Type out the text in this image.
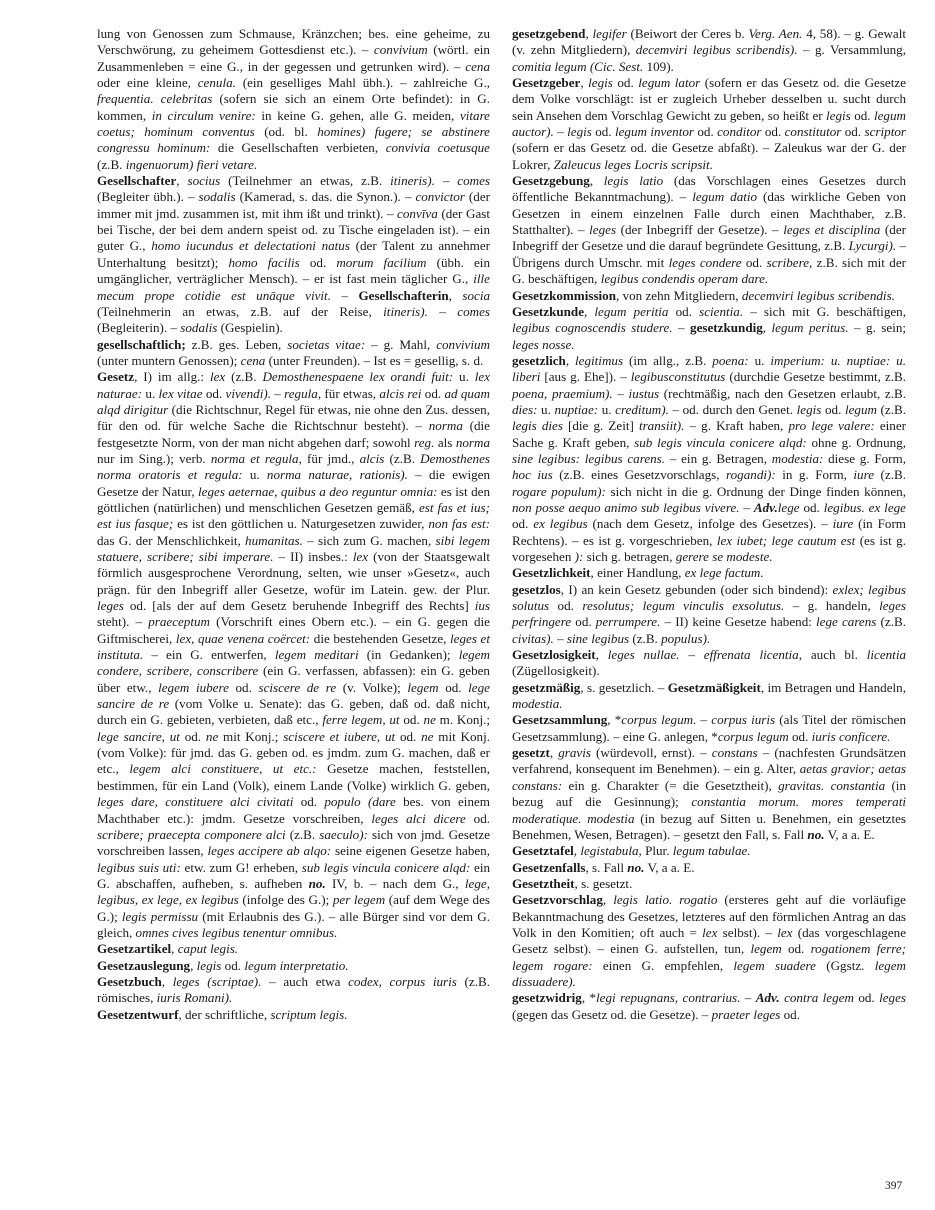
lung von Genossen zum Schmause, Kränzchen; bes. eine geheime, zu Verschwörung, zu geheimem Gottesdienst etc.). – convivium (wörtl. ein Zusammenleben = eine G., in der gegessen und getrunken wird). – cena oder eine kleine, cenula. (ein geselliges Mahl übh.). – zahlreiche G., frequentia. celebritas (sofern sie sich an einem Orte befindet): in G. kommen, in circulum venire: in keine G. gehen, alle G. meiden, vitare coetus; hominum conventus (od. bl. homines) fugere; se abstinere congressu hominum: die Gesellschaften verbieten, convivia coetusque (z.B. ingenuorum) fieri vetare.

Gesellschafter, socius (Teilnehmer an etwas, z.B. itineris). – comes (Begleiter übh.). – sodalis (Kamerad, s. das. die Synon.). – convictor (der immer mit jmd. zusammen ist, mit ihm ißt und trinkt). – convīva (der Gast bei Tische, der bei dem andern speist od. zu Tische eingeladen ist). – ein guter G., homo iucundus et delectationi natus (der Talent zu annehmer Unterhaltung besitzt); homo facilis od. morum facilium (übh. ein umgänglicher, verträglicher Mensch). – er ist fast mein täglicher G., ille mecum prope cotidie est unāque vivit. – Gesellschafterin, socia (Teilnehmerin an etwas, z.B. auf der Reise, itineris). – comes (Begleiterin). – sodalis (Gespielin).

gesellschaftlich; z.B. ges. Leben, societas vitae: – g. Mahl, convivium (unter muntern Genossen); cena (unter Freunden). – Ist es = gesellig, s. d.

Gesetz, I) im allg.: lex (z.B. Demosthenespaene lex orandi fuit: u. lex naturae: u. lex vitae od. vivendi). – regula, für etwas, alcis rei od. ad quam alqd dirigitur (die Richtschnur, Regel für etwas, nie ohne den Zus. dessen, für den od. für welche Sache die Richtschnur besteht). – norma (die festgesetzte Norm, von der man nicht abgehen darf; sowohl reg. als norma nur im Sing.); verb. norma et regula, für jmd., alcis (z.B. Demosthenes norma oratoris et regula: u. norma naturae, rationis). – die ewigen Gesetze der Natur, leges aeternae, quibus a deo reguntur omnia: es ist den göttlichen (natürlichen) und menschlichen Gesetzen gemäß, est fas et ius; est ius fasque; es ist den göttlichen u. Naturgesetzen zuwider, non fas est: das G. der Menschlichkeit, humanitas. – sich zum G. machen, sibi legem statuere, scribere; sibi imperare. – II) insbes.: lex (von der Staatsgewalt förmlich ausgesprochene Verordnung, selten, wie unser »Gesetz«, auch prägn. für den Inbegriff aller Gesetze, wofür im Latein. gew. der Plur. leges od. [als der auf dem Gesetz beruhende Inbegriff des Rechts] ius steht). – praeceptum (Vorschrift eines Obern etc.). – ein G. gegen die Giftmischerei, lex, quae venena coërcet: die bestehenden Gesetze, leges et instituta. – ein G. entwerfen, legem meditari (in Gedanken); legem condere, scribere, conscribere (ein G. verfassen, abfassen): ein G. geben über etw., legem iubere od. sciscere de re (v. Volke); legem od. lege sancire de re (vom Volke u. Senate): das G. geben, daß od. daß nicht, durch ein G. gebieten, verbieten, daß etc., ferre legem, ut od. ne m. Konj.; lege sancire, ut od. ne mit Konj.; sciscere et iubere, ut od. ne mit Konj. (vom Volke): für jmd. das G. geben od. es jmdm. zum G. machen, daß er etc., legem alci constituere, ut etc.: Gesetze machen, feststellen, bestimmen, für ein Land (Volk), einem Lande (Volke) wirklich G. geben, leges dare, constituere alci civitati od. populo (dare bes. von einem Machthaber etc.): jmdm. Gesetze vorschreiben, leges alci dicere od. scribere; praecepta componere alci (z.B. saeculo): sich von jmd. Gesetze vorschreiben lassen, leges accipere ab alqo: seine eigenen Gesetze haben, legibus suis uti: etw. zum G! erheben, sub legis vincula conicere alqd: ein G. abschaffen, aufheben, s. aufheben no. IV, b. – nach dem G., lege, legibus, ex lege, ex legibus (infolge des G.); per legem (auf dem Wege des G.); legis permissu (mit Erlaubnis des G.). – alle Bürger sind vor dem G. gleich, omnes cives legibus tenentur omnibus.

Gesetzartikel, caput legis.

Gesetzauslegung, legis od. legum interpretatio.

Gesetzbuch, leges (scriptae). – auch etwa codex, corpus iuris (z.B. römisches, iuris Romani).

Gesetzentwurf, der schriftliche, scriptum legis.

gesetzgebend, legifer (Beiwort der Ceres b. Verg. Aen. 4, 58). – g. Gewalt (v. zehn Mitgliedern), decemviri legibus scribendis). – g. Versammlung, comitia legum (Cic. Sest. 109).

Gesetzgeber, legis od. legum lator (sofern er das Gesetz od. die Gesetze dem Volke vorschlägt: ist er zugleich Urheber desselben u. sucht durch sein Ansehen dem Vorschlag Gewicht zu geben, so heißt er legis od. legum auctor). – legis od. legum inventor od. conditor od. constitutor od. scriptor (sofern er das Gesetz od. die Gesetze abfaßt). – Zaleukus war der G. der Lokrer, Zaleucus leges Locris scripsit.

Gesetzgebung, legis latio (das Vorschlagen eines Gesetzes durch öffentliche Bekanntmachung). – legum datio (das wirkliche Geben von Gesetzen in einem einzelnen Falle durch einen Machthaber, z.B. Statthalter). – leges (der Inbegriff der Gesetze). – leges et disciplina (der Inbegriff der Gesetze und die darauf begründete Gesittung, z.B. Lycurgi). – Übrigens durch Umschr. mit leges condere od. scribere, z.B. sich mit der G. beschäftigen, legibus condendis operam dare.

Gesetzkommission, von zehn Mitgliedern, decemviri legibus scribendis.

Gesetzkunde, legum peritia od. scientia. – sich mit G. beschäftigen, legibus cognoscendis studere. – gesetzkundig, legum peritus. – g. sein; leges nosse.

gesetzlich, legitimus (im allg., z.B. poena: u. imperium: u. nuptiae: u. liberi [aus g. Ehe]). – legibusconstitutus (durchdie Gesetze bestimmt, z.B. poena, praemium). – iustus (rechtmäßig, nach den Gesetzen erlaubt, z.B. dies: u. nuptiae: u. creditum). – od. durch den Genet. legis od. legum (z.B. legis dies [die g. Zeit] transiit). – g. Kraft haben, pro lege valere: einer Sache g. Kraft geben, sub legis vincula conicere alqd: ohne g. Ordnung, sine legibus: legibus carens. – ein g. Betragen, modestia: diese g. Form, hoc ius (z.B. eines Gesetzvorschlags, rogandi): in g. Form, iure (z.B. rogare populum): sich nicht in die g. Ordnung der Dinge finden können, non posse aequo animo sub legibus vivere. – Adv.lege od. legibus. ex lege od. ex legibus (nach dem Gesetz, infolge des Gesetzes). – iure (in Form Rechtens). – es ist g. vorgeschrieben, lex iubet; lege cautum est (es ist g. vorgesehen ): sich g. betragen, gerere se modeste.

Gesetzlichkeit, einer Handlung, ex lege factum.

gesetzlos, I) an kein Gesetz gebunden (oder sich bindend): exlex; legibus solutus od. resolutus; legum vinculis exsolutus. – g. handeln, leges perfringere od. perrumpere. – II) keine Gesetze habend: lege carens (z.B. civitas). – sine legibus (z.B. populus).

Gesetzlosigkeit, leges nullae. – effrenata licentia, auch bl. licentia (Zügellosigkeit).

gesetzmäßig, s. gesetzlich. – Gesetzmäßigkeit, im Betragen und Handeln, modestia.

Gesetzsammlung, *corpus legum. – corpus iuris (als Titel der römischen Gesetzsammlung). – eine G. anlegen, *corpus legum od. iuris conficere.

gesetzt, gravis (würdevoll, ernst). – constans – (nachfesten Grundsätzen verfahrend, konsequent im Benehmen). – ein g. Alter, aetas gravior; aetas constans: ein g. Charakter (= die Gesetztheit), gravitas. constantia (in bezug auf die Gesinnung); constantia morum. mores temperati moderatique. modestia (in bezug auf Sitten u. Benehmen, ein gesetztes Benehmen, Wesen, Betragen). – gesetzt den Fall, s. Fall no. V, a a. E.

Gesetztafel, legistabula, Plur. legum tabulae.

Gesetzenfalls, s. Fall no. V, a a. E.

Gesetztheit, s. gesetzt.

Gesetzvorschlag, legis latio. rogatio (ersteres geht auf die vorläufige Bekanntmachung des Gesetzes, letzteres auf den förmlichen Antrag an das Volk in den Komitien; oft auch = lex selbst). – lex (das vorgeschlagene Gesetz selbst). – einen G. aufstellen, tun, legem od. rogationem ferre; legem rogare: einen G. empfehlen, legem suadere (Ggstz. legem dissuadere).

gesetzwidrig, *legi repugnans, contrarius. – Adv. contra legem od. leges (gegen das Gesetz od. die Gesetze). – praeter leges od.

397
